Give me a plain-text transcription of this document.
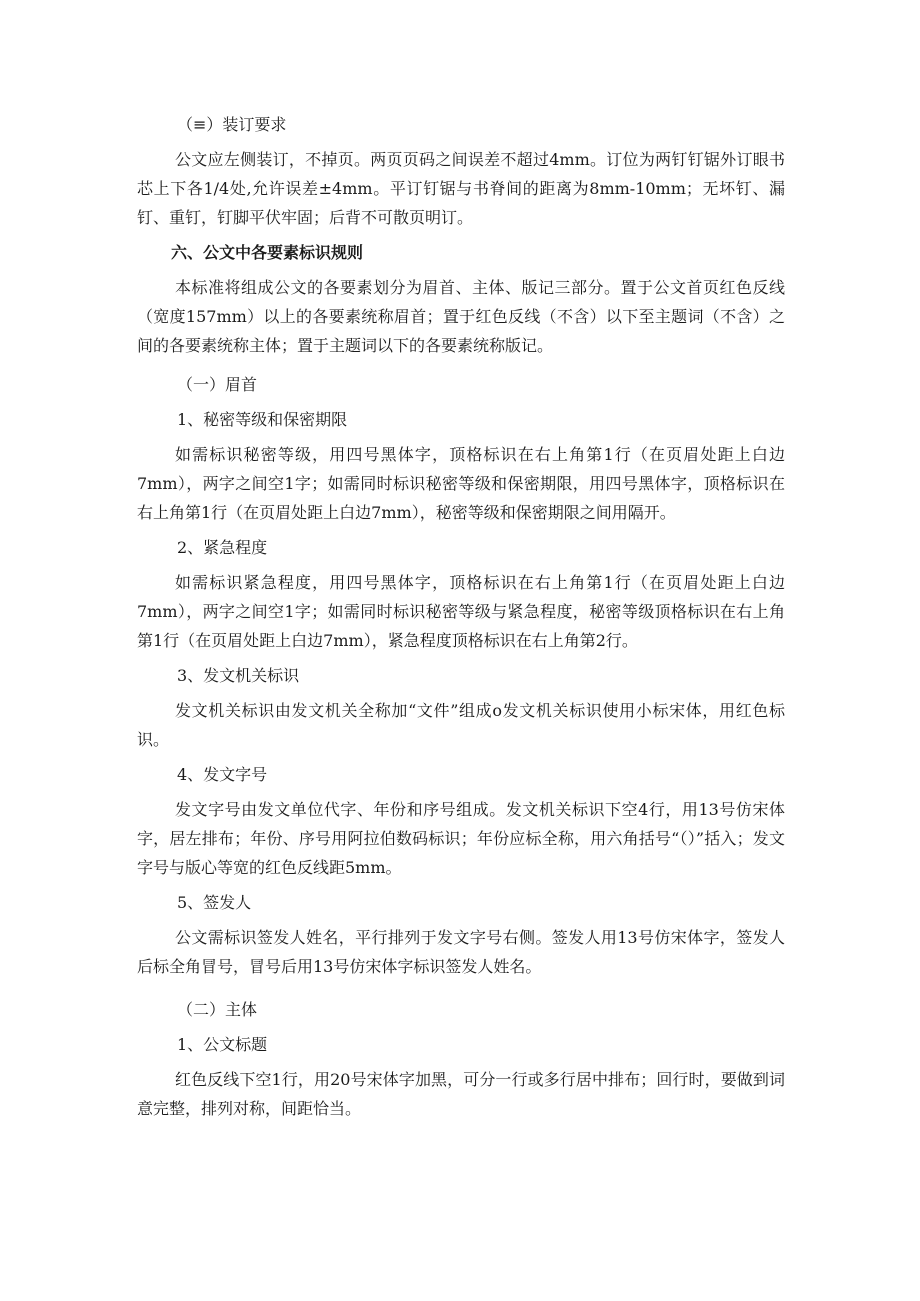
（≡）装订要求

公文应左侧装订，不掉页。两页页码之间误差不超过4mm。订位为两钉钉锯外订眼书芯上下各1/4处,允许误差±4mm。平订钉锯与书脊间的距离为8mm-10mm；无坏钉、漏钉、重钉，钉脚平伏牢固；后背不可散页明订。

六、公文中各要素标识规则

本标准将组成公文的各要素划分为眉首、主体、版记三部分。置于公文首页红色反线（宽度157mm）以上的各要素统称眉首；置于红色反线（不含）以下至主题词（不含）之间的各要素统称主体；置于主题词以下的各要素统称版记。

（一）眉首

1、秘密等级和保密期限

如需标识秘密等级，用四号黑体字，顶格标识在右上角第1行（在页眉处距上白边7mm），两字之间空1字；如需同时标识秘密等级和保密期限，用四号黑体字，顶格标识在右上角第1行（在页眉处距上白边7mm），秘密等级和保密期限之间用隔开。

2、紧急程度

如需标识紧急程度，用四号黑体字，顶格标识在右上角第1行（在页眉处距上白边7mm），两字之间空1字；如需同时标识秘密等级与紧急程度，秘密等级顶格标识在右上角第1行（在页眉处距上白边7mm），紧急程度顶格标识在右上角第2行。

3、发文机关标识

发文机关标识由发文机关全称加“文件”组成o发文机关标识使用小标宋体，用红色标识。

4、发文字号

发文字号由发文单位代字、年份和序号组成。发文机关标识下空4行，用13号仿宋体字，居左排布；年份、序号用阿拉伯数码标识；年份应标全称，用六角括号“（）”括入；发文字号与版心等宽的红色反线距5mm。

5、签发人

公文需标识签发人姓名，平行排列于发文字号右侧。签发人用13号仿宋体字，签发人后标全角冒号，冒号后用13号仿宋体字标识签发人姓名。

（二）主体

1、公文标题

红色反线下空1行，用20号宋体字加黑，可分一行或多行居中排布；回行时，要做到词意完整，排列对称，间距恰当。
